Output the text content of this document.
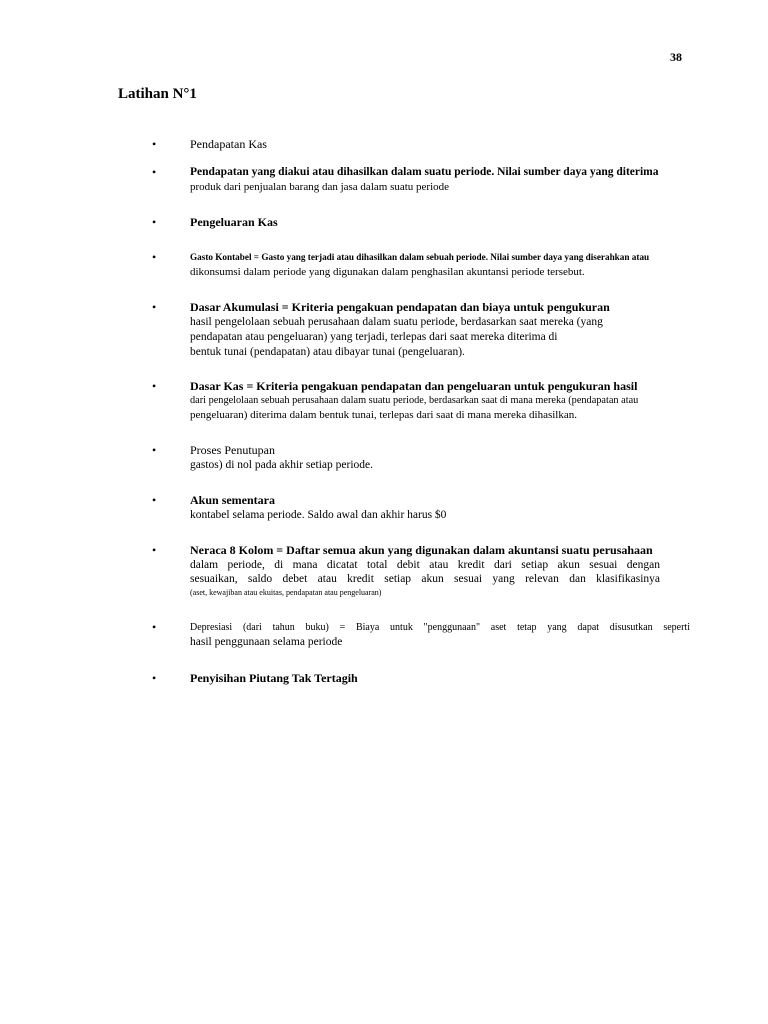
38
Latihan N°1
•	Pendapatan Kas
•	Pendapatan yang diakui atau dihasilkan dalam suatu periode. Nilai sumber daya yang diterima
produk dari penjualan barang dan jasa dalam suatu periode
•	Pengeluaran Kas
•	Gasto Kontabel = Gasto yang terjadi atau dihasilkan dalam sebuah periode. Nilai sumber daya yang diserahkan atau
dikonsumsi dalam periode yang digunakan dalam penghasilan akuntansi periode tersebut.
•	Dasar Akumulasi = Kriteria pengakuan pendapatan dan biaya untuk pengukuran
hasil pengelolaan sebuah perusahaan dalam suatu periode, berdasarkan saat mereka (yang
pendapatan atau pengeluaran) yang terjadi, terlepas dari saat mereka diterima di
bentuk tunai (pendapatan) atau dibayar tunai (pengeluaran).
•	Dasar Kas = Kriteria pengakuan pendapatan dan pengeluaran untuk pengukuran hasil
dari pengelolaan sebuah perusahaan dalam suatu periode, berdasarkan saat di mana mereka (pendapatan atau
pengeluaran) diterima dalam bentuk tunai, terlepas dari saat di mana mereka dihasilkan.
•	Proses Penutupan
gastos) di nol pada akhir setiap periode.
•	Akun sementara
kontabel selama periode. Saldo awal dan akhir harus $0
•	Neraca 8 Kolom = Daftar semua akun yang digunakan dalam akuntansi suatu perusahaan
dalam periode, di mana dicatat total debit atau kredit dari setiap akun sesuai dengan
sesuaikan, saldo debet atau kredit setiap akun sesuai yang relevan dan klasifikasinya
(aset, kewajiban atau ekuitas, pendapatan atau pengeluaran)
•	Depresiasi (dari tahun buku) = Biaya untuk "penggunaan" aset tetap yang dapat disusutkan seperti
hasil penggunaan selama periode
•	Penyisihan Piutang Tak Tertagih
